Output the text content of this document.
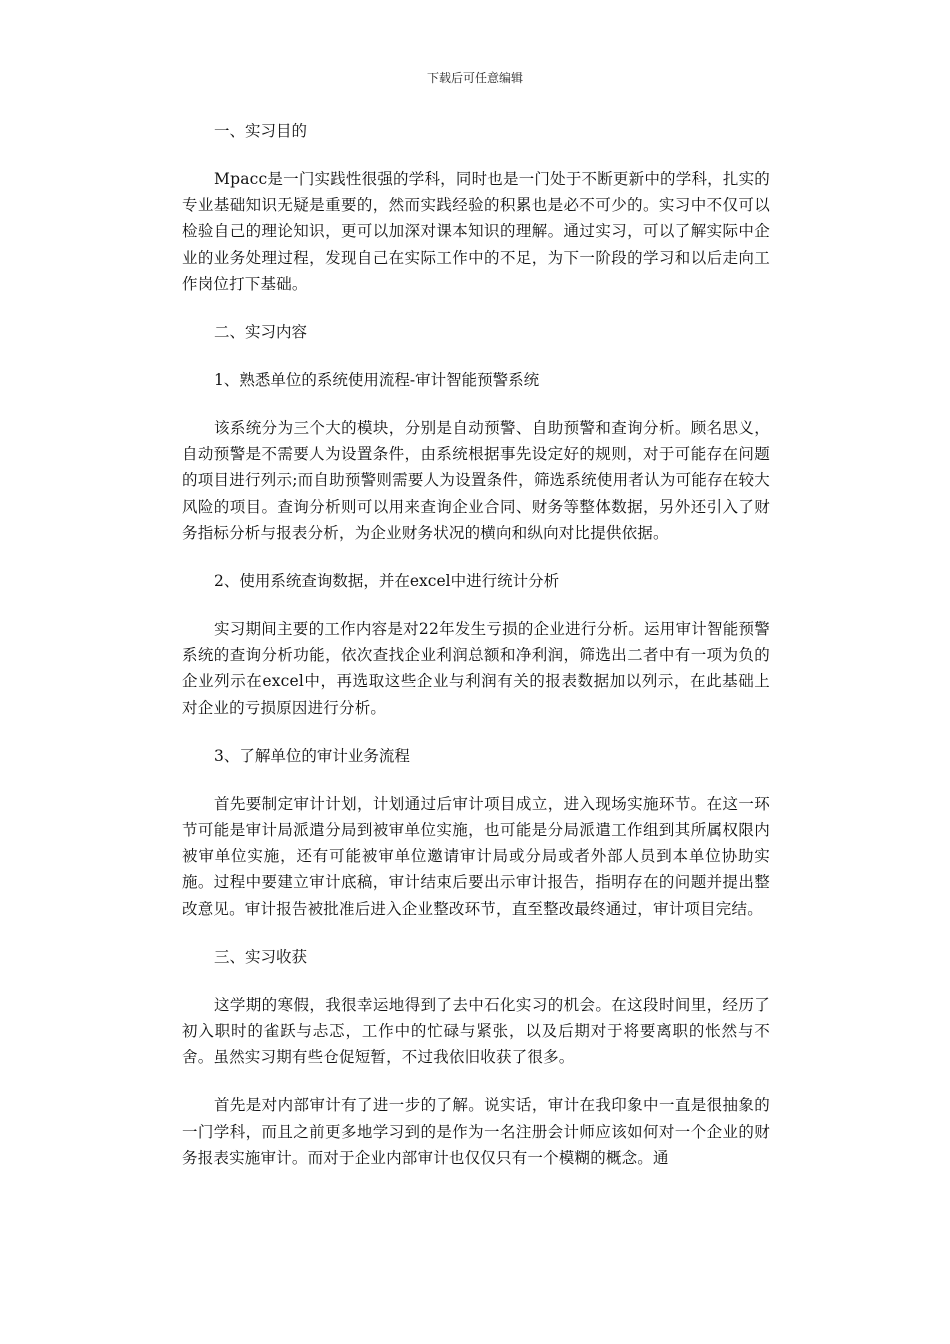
下载后可任意编辑
一、实习目的
Mpacc是一门实践性很强的学科，同时也是一门处于不断更新中的学科，扎实的专业基础知识无疑是重要的，然而实践经验的积累也是必不可少的。实习中不仅可以检验自己的理论知识，更可以加深对课本知识的理解。通过实习，可以了解实际中企业的业务处理过程，发现自己在实际工作中的不足，为下一阶段的学习和以后走向工作岗位打下基础。
二、实习内容
1、熟悉单位的系统使用流程-审计智能预警系统
该系统分为三个大的模块，分别是自动预警、自助预警和查询分析。顾名思义，自动预警是不需要人为设置条件，由系统根据事先设定好的规则，对于可能存在问题的项目进行列示;而自助预警则需要人为设置条件，筛选系统使用者认为可能存在较大风险的项目。查询分析则可以用来查询企业合同、财务等整体数据，另外还引入了财务指标分析与报表分析，为企业财务状况的横向和纵向对比提供依据。
2、使用系统查询数据，并在excel中进行统计分析
实习期间主要的工作内容是对22年发生亏损的企业进行分析。运用审计智能预警系统的查询分析功能，依次查找企业利润总额和净利润，筛选出二者中有一项为负的企业列示在excel中，再选取这些企业与利润有关的报表数据加以列示，在此基础上对企业的亏损原因进行分析。
3、了解单位的审计业务流程
首先要制定审计计划，计划通过后审计项目成立，进入现场实施环节。在这一环节可能是审计局派遣分局到被审单位实施，也可能是分局派遣工作组到其所属权限内被审单位实施，还有可能被审单位邀请审计局或分局或者外部人员到本单位协助实施。过程中要建立审计底稿，审计结束后要出示审计报告，指明存在的问题并提出整改意见。审计报告被批准后进入企业整改环节，直至整改最终通过，审计项目完结。
三、实习收获
这学期的寒假，我很幸运地得到了去中石化实习的机会。在这段时间里，经历了初入职时的雀跃与忐忑，工作中的忙碌与紧张，以及后期对于将要离职的怅然与不舍。虽然实习期有些仓促短暂，不过我依旧收获了很多。
首先是对内部审计有了进一步的了解。说实话，审计在我印象中一直是很抽象的一门学科，而且之前更多地学习到的是作为一名注册会计师应该如何对一个企业的财务报表实施审计。而对于企业内部审计也仅仅只有一个模糊的概念。通
